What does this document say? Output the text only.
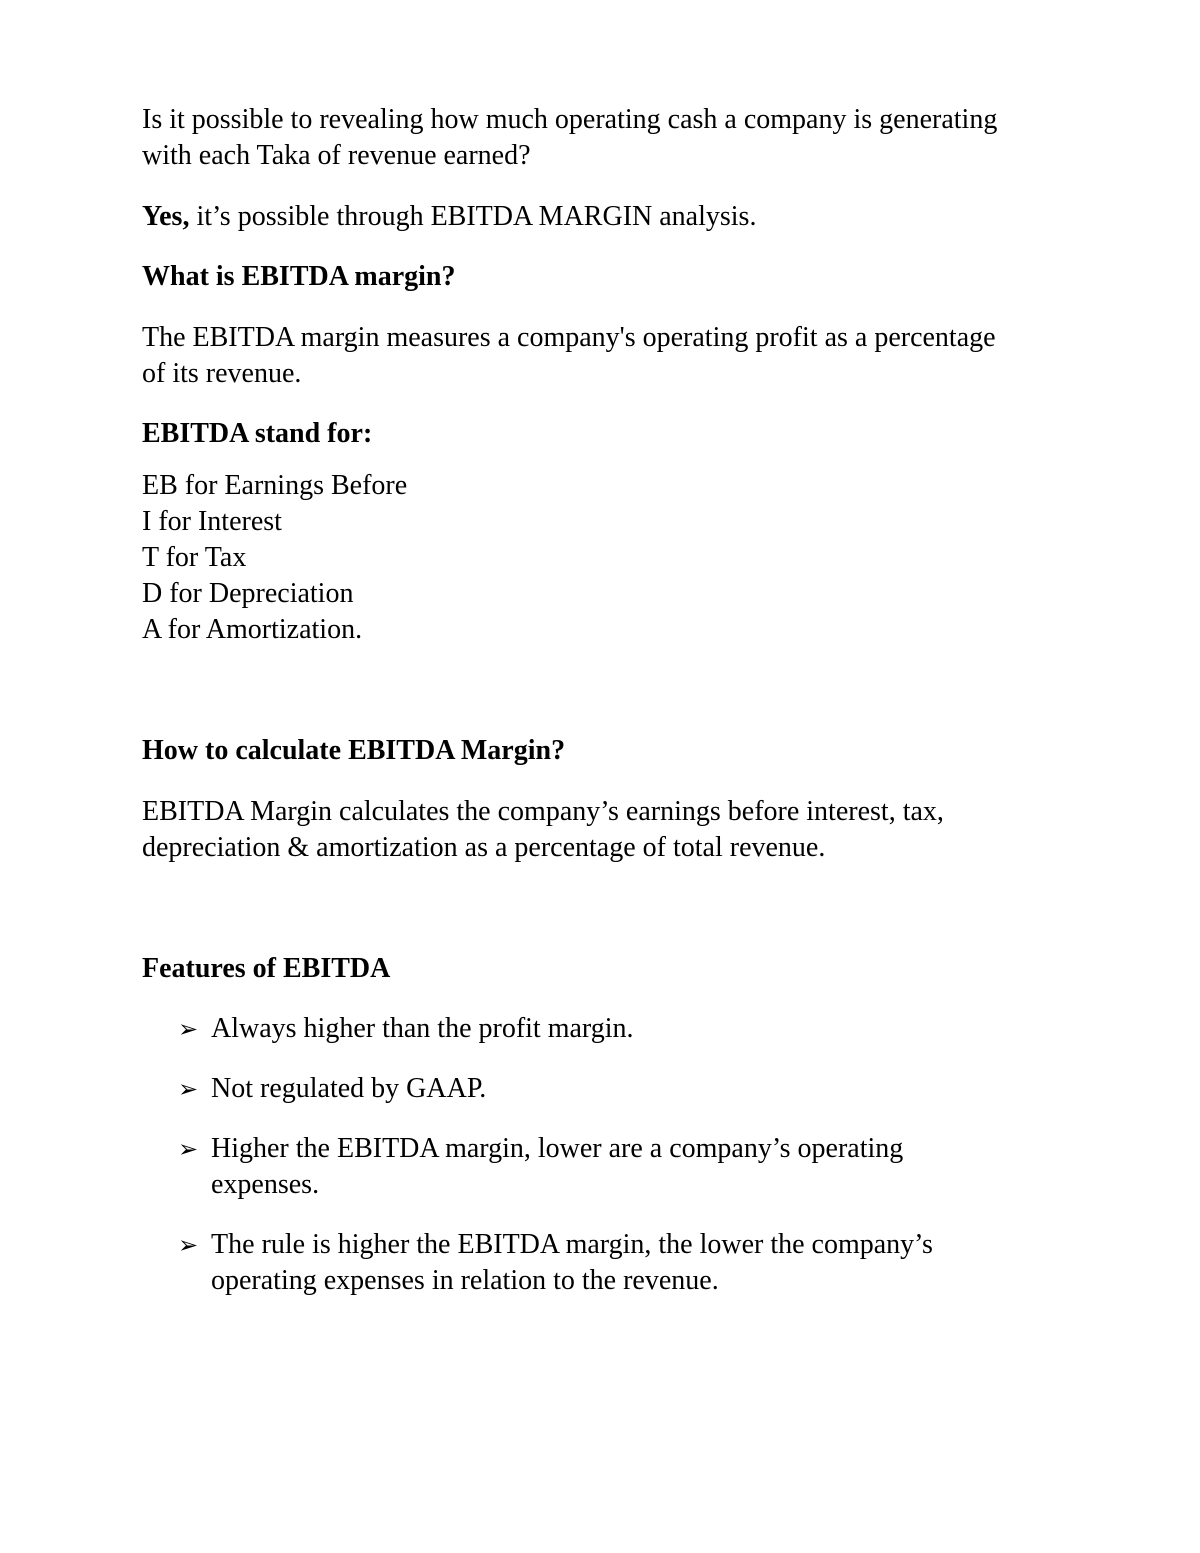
Is it possible to revealing how much operating cash a company is generating
with each Taka of revenue earned?
Yes, it’s possible through EBITDA MARGIN analysis.
What is EBITDA margin?
The EBITDA margin measures a company's operating profit as a percentage
of its revenue.
EBITDA stand for:
EB for Earnings Before
I for Interest
T for Tax
D for Depreciation
A for Amortization.
How to calculate EBITDA Margin?
EBITDA Margin calculates the company’s earnings before interest, tax,
depreciation & amortization as a percentage of total revenue.
Features of EBITDA
➢ Always higher than the profit margin.
➢ Not regulated by GAAP.
➢ Higher the EBITDA margin, lower are a company’s operating
expenses.
➢ The rule is higher the EBITDA margin, the lower the company’s
operating expenses in relation to the revenue.
